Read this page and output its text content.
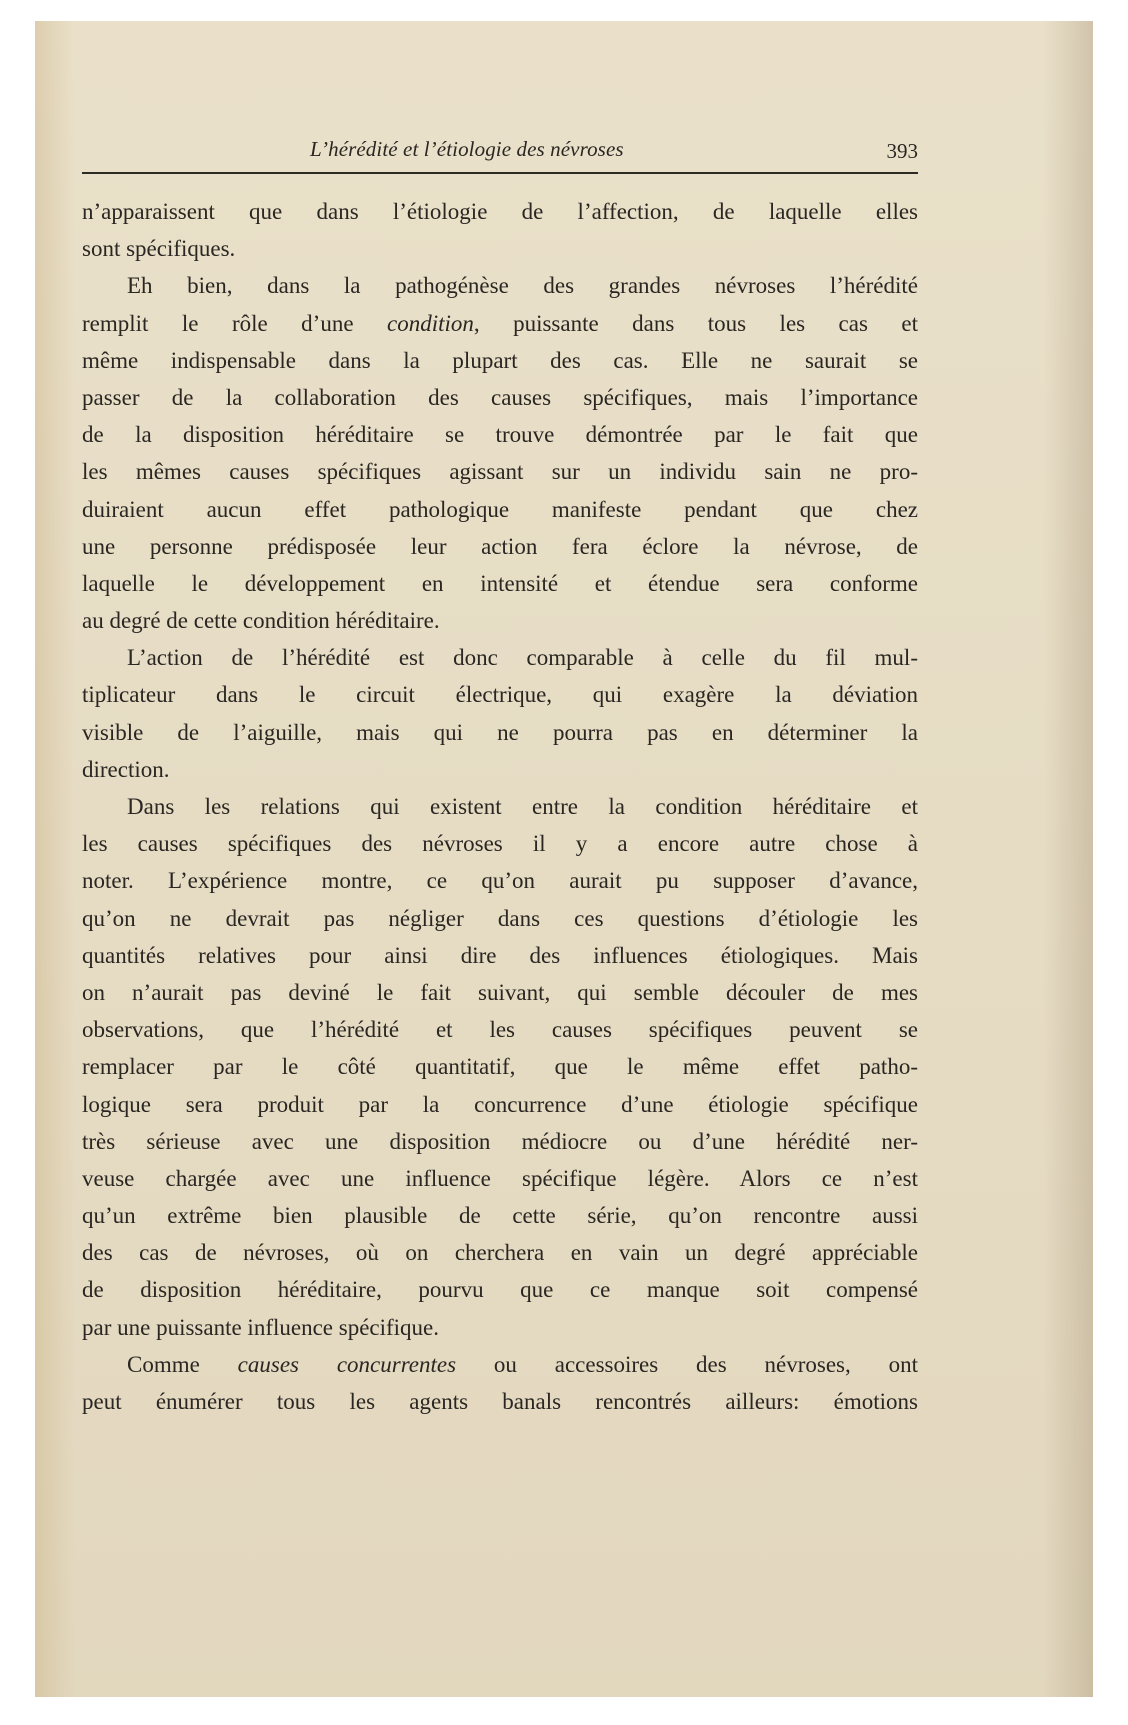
L’hérédité et l’étiologie des névroses	393
n’apparaissent que dans l’étiologie de l’affection, de laquelle elles
sont spécifiques.
Eh bien, dans la pathogénèse des grandes névroses l’hérédité
remplit le rôle d’une condition, puissante dans tous les cas et
même indispensable dans la plupart des cas. Elle ne saurait se
passer de la collaboration des causes spécifiques, mais l’importance
de la disposition héréditaire se trouve démontrée par le fait que
les mêmes causes spécifiques agissant sur un individu sain ne pro-
duiraient aucun effet pathologique manifeste pendant que chez
une personne prédisposée leur action fera éclore la névrose, de
laquelle le développement en intensité et étendue sera conforme
au degré de cette condition héréditaire.
L’action de l’hérédité est donc comparable à celle du fil mul-
tiplicateur dans le circuit électrique, qui exagère la déviation
visible de l’aiguille, mais qui ne pourra pas en déterminer la
direction.
Dans les relations qui existent entre la condition héréditaire et
les causes spécifiques des névroses il y a encore autre chose à
noter. L’expérience montre, ce qu’on aurait pu supposer d’avance,
qu’on ne devrait pas négliger dans ces questions d’étiologie les
quantités relatives pour ainsi dire des influences étiologiques. Mais
on n’aurait pas deviné le fait suivant, qui semble découler de mes
observations, que l’hérédité et les causes spécifiques peuvent se
remplacer par le côté quantitatif, que le même effet patho-
logique sera produit par la concurrence d’une étiologie spécifique
très sérieuse avec une disposition médiocre ou d’une hérédité ner-
veuse chargée avec une influence spécifique légère. Alors ce n’est
qu’un extrême bien plausible de cette série, qu’on rencontre aussi
des cas de névroses, où on cherchera en vain un degré appréciable
de disposition héréditaire, pourvu que ce manque soit compensé
par une puissante influence spécifique.
Comme causes concurrentes ou accessoires des névroses, ont
peut énumérer tous les agents banals rencontrés ailleurs: émotions
